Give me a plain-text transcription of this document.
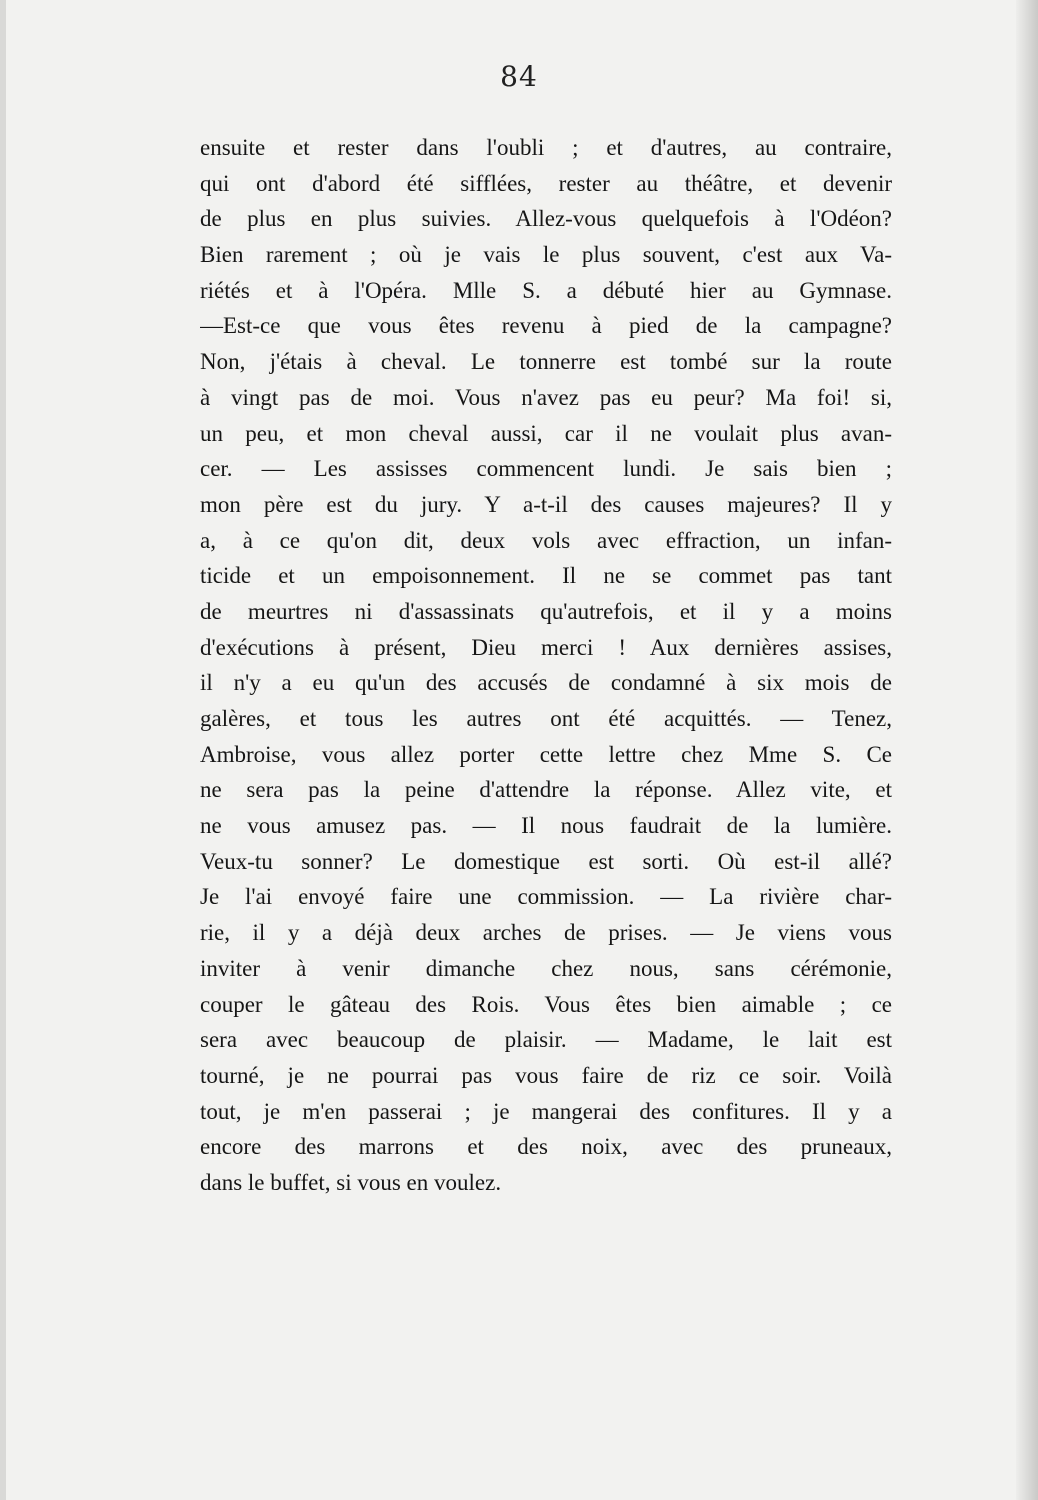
84
ensuite et rester dans l'oubli ; et d'autres, au contraire,
qui ont d'abord été sifflées, rester au théâtre, et devenir
de plus en plus suivies. Allez-vous quelquefois à l'Odéon?
Bien rarement ; où je vais le plus souvent, c'est aux Va-
riétés et à l'Opéra. Mlle S. a débuté hier au Gymnase.
—Est-ce que vous êtes revenu à pied de la campagne?
Non, j'étais à cheval. Le tonnerre est tombé sur la route
à vingt pas de moi. Vous n'avez pas eu peur? Ma foi! si,
un peu, et mon cheval aussi, car il ne voulait plus avan-
cer. — Les assisses commencent lundi. Je sais bien ;
mon père est du jury. Y a-t-il des causes majeures? Il y
a, à ce qu'on dit, deux vols avec effraction, un infan-
ticide et un empoisonnement. Il ne se commet pas tant
de meurtres ni d'assassinats qu'autrefois, et il y a moins
d'exécutions à présent, Dieu merci ! Aux dernières assises,
il n'y a eu qu'un des accusés de condamné à six mois de
galères, et tous les autres ont été acquittés. — Tenez,
Ambroise, vous allez porter cette lettre chez Mme S. Ce
ne sera pas la peine d'attendre la réponse. Allez vite, et
ne vous amusez pas. — Il nous faudrait de la lumière.
Veux-tu sonner? Le domestique est sorti. Où est-il allé?
Je l'ai envoyé faire une commission. — La rivière char-
rie, il y a déjà deux arches de prises. — Je viens vous
inviter à venir dimanche chez nous, sans cérémonie,
couper le gâteau des Rois. Vous êtes bien aimable ; ce
sera avec beaucoup de plaisir. — Madame, le lait est
tourné, je ne pourrai pas vous faire de riz ce soir. Voilà
tout, je m'en passerai ; je mangerai des confitures. Il y a
encore des marrons et des noix, avec des pruneaux,
dans le buffet, si vous en voulez.
